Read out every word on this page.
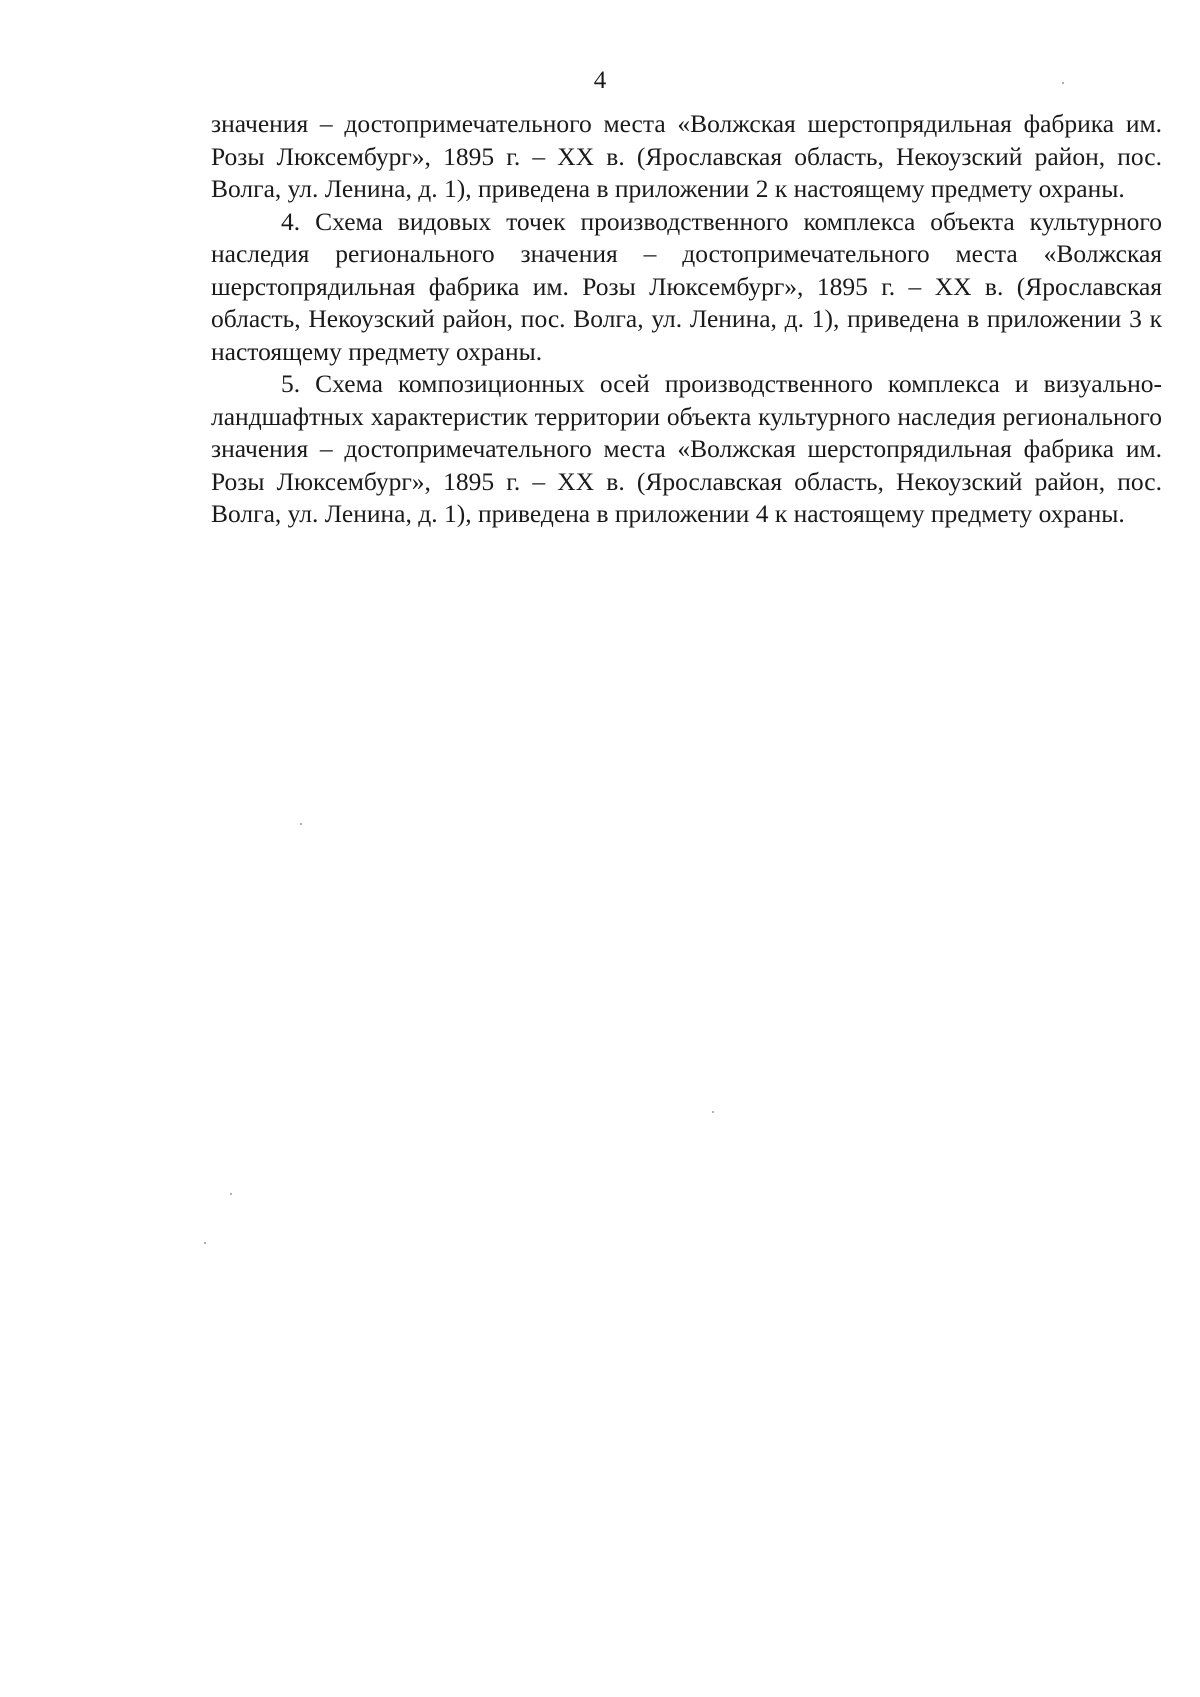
4

значения – достопримечательного места «Волжская шерстопрядильная фабрика им. Розы Люксембург», 1895 г. – XX в. (Ярославская область, Некоузский район, пос. Волга, ул. Ленина, д. 1), приведена в приложении 2 к настоящему предмету охраны.

4. Схема видовых точек производственного комплекса объекта культурного наследия регионального значения – достопримечательного места «Волжская шерстопрядильная фабрика им. Розы Люксембург», 1895 г. – XX в. (Ярославская область, Некоузский район, пос. Волга, ул. Ленина, д. 1), приведена в приложении 3 к настоящему предмету охраны.

5. Схема композиционных осей производственного комплекса и визуально-ландшафтных характеристик территории объекта культурного наследия регионального значения – достопримечательного места «Волжская шерстопрядильная фабрика им. Розы Люксембург», 1895 г. – XX в. (Ярославская область, Некоузский район, пос. Волга, ул. Ленина, д. 1), приведена в приложении 4 к настоящему предмету охраны.
